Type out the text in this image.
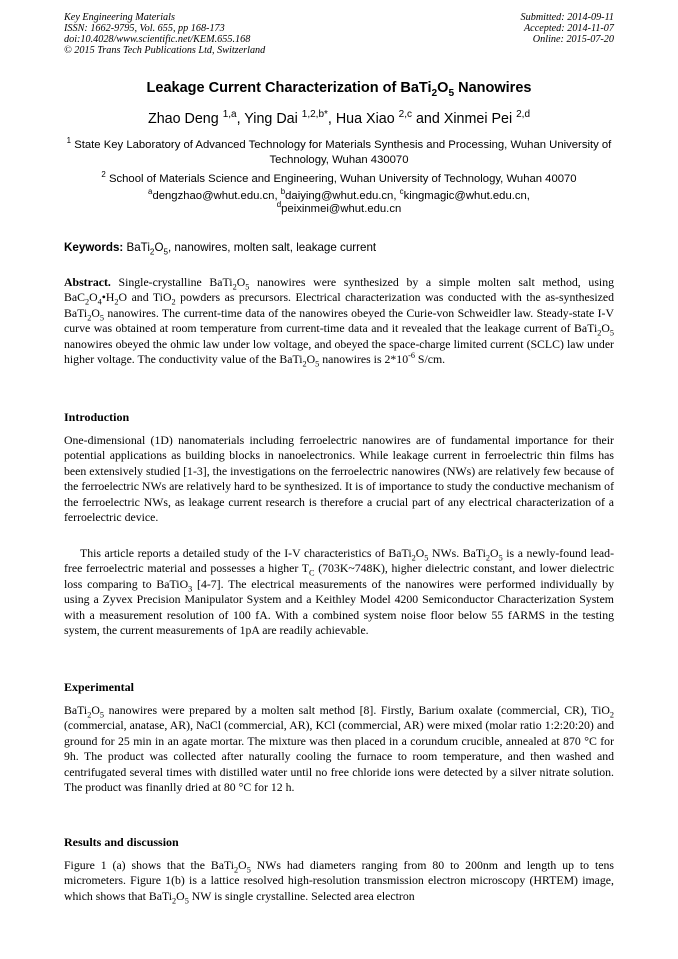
Key Engineering Materials
ISSN: 1662-9795, Vol. 655, pp 168-173
doi:10.4028/www.scientific.net/KEM.655.168
© 2015 Trans Tech Publications Ltd, Switzerland
Submitted: 2014-09-11
Accepted: 2014-11-07
Online: 2015-07-20
Leakage Current Characterization of $BaTi_2O_5$ Nanowires
Zhao Deng $^{1,a}$, Ying Dai $^{1,2,b*}$, Hua Xiao $^{2,c}$ and Xinmei Pei $^{2,d}$
$^1$ State Key Laboratory of Advanced Technology for Materials Synthesis and Processing, Wuhan University of Technology, Wuhan 430070
$^2$ School of Materials Science and Engineering, Wuhan University of Technology, Wuhan 40070
$^a$dengzhao@whut.edu.cn, $^b$daiying@whut.edu.cn, $^c$kingmagic@whut.edu.cn,
$^d$peixinmei@whut.edu.cn
Keywords: $BaTi_2O_5$, nanowires, molten salt, leakage current

Abstract. Single-crystalline $BaTi_2O_5$ nanowires were synthesized by a simple molten salt method, using $BaC_2O_4•H_2O$ and TiO$_2$ powders as precursors. Electrical characterization was conducted with the as-synthesized $BaTi_2O_5$ nanowires. The current-time data of the nanowires obeyed the Curie-von Schweidler law. Steady-state I-V curve was obtained at room temperature from current-time data and it revealed that the leakage current of $BaTi_2O_5$ nanowires obeyed the ohmic law under low voltage, and obeyed the space-charge limited current (SCLC) law under higher voltage. The conductivity value of the $BaTi_2O_5$ nanowires is $2*10^{-6}$ S/cm.

Introduction

One-dimensional (1D) nanomaterials including ferroelectric nanowires are of fundamental importance for their potential applications as building blocks in nanoelectronics. While leakage current in ferroelectric thin films has been extensively studied [1-3], the investigations on the ferroelectric nanowires (NWs) are relatively few because of the ferroelectric NWs are relatively hard to be synthesized. It is of importance to study the conductive mechanism of the ferroelectric NWs, as leakage current research is therefore a crucial part of any electrical characterization of a ferroelectric device.

This article reports a detailed study of the I-V characteristics of $BaTi_2O_5$ NWs. $BaTi_2O_5$ is a newly-found lead-free ferroelectric material and possesses a higher $T_C$ (703K~748K), higher dielectric constant, and lower dielectric loss comparing to BaTiO$_3$ [4-7]. The electrical measurements of the nanowires were performed individually by using a Zyvex Precision Manipulator System and a Keithley Model 4200 Semiconductor Characterization System with a measurement resolution of 100 fA. With a combined system noise floor below 55 fARMS in the testing system, the current measurements of 1pA are readily achievable.

Experimental

$BaTi_2O_5$ nanowires were prepared by a molten salt method [8]. Firstly, Barium oxalate (commercial, CR), TiO$_2$ (commercial, anatase, AR), NaCl (commercial, AR), KCl (commercial, AR) were mixed (molar ratio 1:2:20:20) and ground for 25 min in an agate mortar. The mixture was then placed in a corundum crucible, annealed at 870 °C for 9h. The product was collected after naturally cooling the furnace to room temperature, and then washed and centrifugated several times with distilled water until no free chloride ions were detected by a silver nitrate solution. The product was finanlly dried at 80 °C for 12 h.

Results and discussion

Figure 1 (a) shows that the $BaTi_2O_5$ NWs had diameters ranging from 80 to 200nm and length up to tens micrometers. Figure 1(b) is a lattice resolved high-resolution transmission electron microscopy (HRTEM) image, which shows that $BaTi_2O_5$ NW is single crystalline. Selected area electron
